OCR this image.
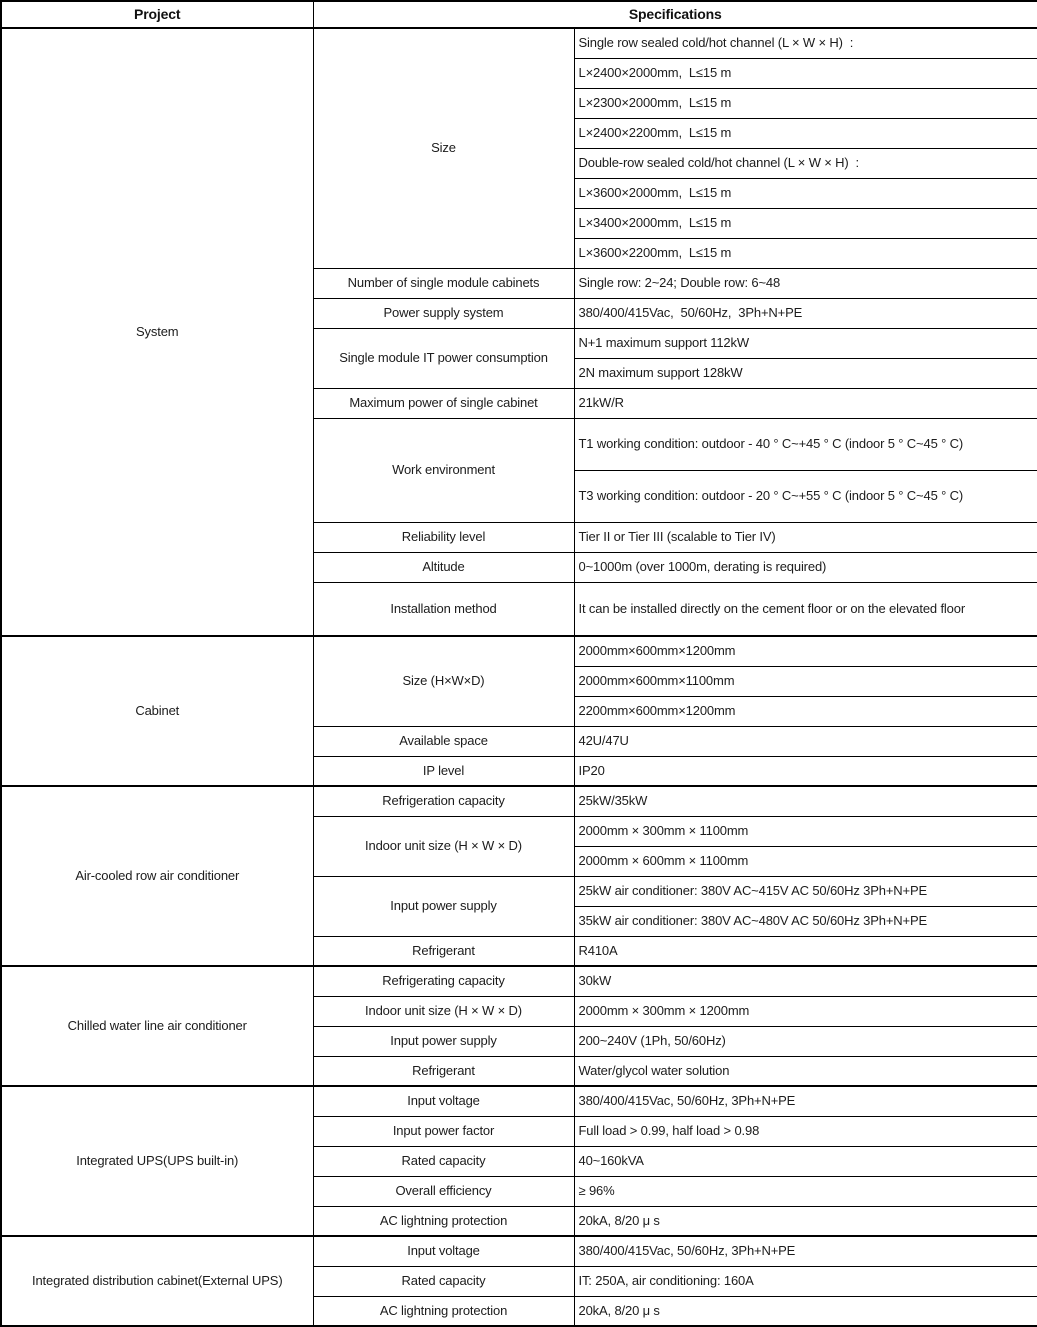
Project	Specifications	
System	Size	Single row sealed cold/hot channel (L × W × H)  :
		L×2400×2000mm,  L≤15 m
		L×2300×2000mm,  L≤15 m
		L×2400×2200mm,  L≤15 m
		Double-row sealed cold/hot channel (L × W × H)  :
		L×3600×2000mm,  L≤15 m
		L×3400×2000mm,  L≤15 m
		L×3600×2200mm,  L≤15 m
	Number of single module cabinets	Single row: 2~24; Double row: 6~48
	Power supply system	380/400/415Vac,  50/60Hz,  3Ph+N+PE
	Single module IT power consumption	N+1 maximum support 112kW
		2N maximum support 128kW
	Maximum power of single cabinet	21kW/R
	Work environment	T1 working condition: outdoor - 40 ° C~+45 ° C (indoor 5 ° C~45 ° C)
		T3 working condition: outdoor - 20 ° C~+55 ° C (indoor 5 ° C~45 ° C)
	Reliability level	Tier II or Tier III (scalable to Tier IV)
	Altitude	0~1000m (over 1000m, derating is required)
	Installation method	It can be installed directly on the cement floor or on the elevated floor
Cabinet	Size (H×W×D)	2000mm×600mm×1200mm
		2000mm×600mm×1100mm
		2200mm×600mm×1200mm
	Available space	42U/47U
	IP level	IP20
Air-cooled row air conditioner	Refrigeration capacity	25kW/35kW
	Indoor unit size (H × W × D)	2000mm × 300mm × 1100mm
		2000mm × 600mm × 1100mm
	Input power supply	25kW air conditioner: 380V AC~415V AC 50/60Hz 3Ph+N+PE
		35kW air conditioner: 380V AC~480V AC 50/60Hz 3Ph+N+PE
	Refrigerant	R410A
Chilled water line air conditioner	Refrigerating capacity	30kW
	Indoor unit size (H × W × D)	2000mm × 300mm × 1200mm
	Input power supply	200~240V (1Ph, 50/60Hz)
	Refrigerant	Water/glycol water solution
Integrated UPS(UPS built-in)	Input voltage	380/400/415Vac, 50/60Hz, 3Ph+N+PE
	Input power factor	Full load > 0.99, half load > 0.98
	Rated capacity	40~160kVA
	Overall efficiency	≥ 96%
	AC lightning protection	20kA, 8/20 μ s
Integrated distribution cabinet(External UPS)	Input voltage	380/400/415Vac, 50/60Hz, 3Ph+N+PE
	Rated capacity	IT: 250A, air conditioning: 160A
	AC lightning protection	20kA, 8/20 μ s
